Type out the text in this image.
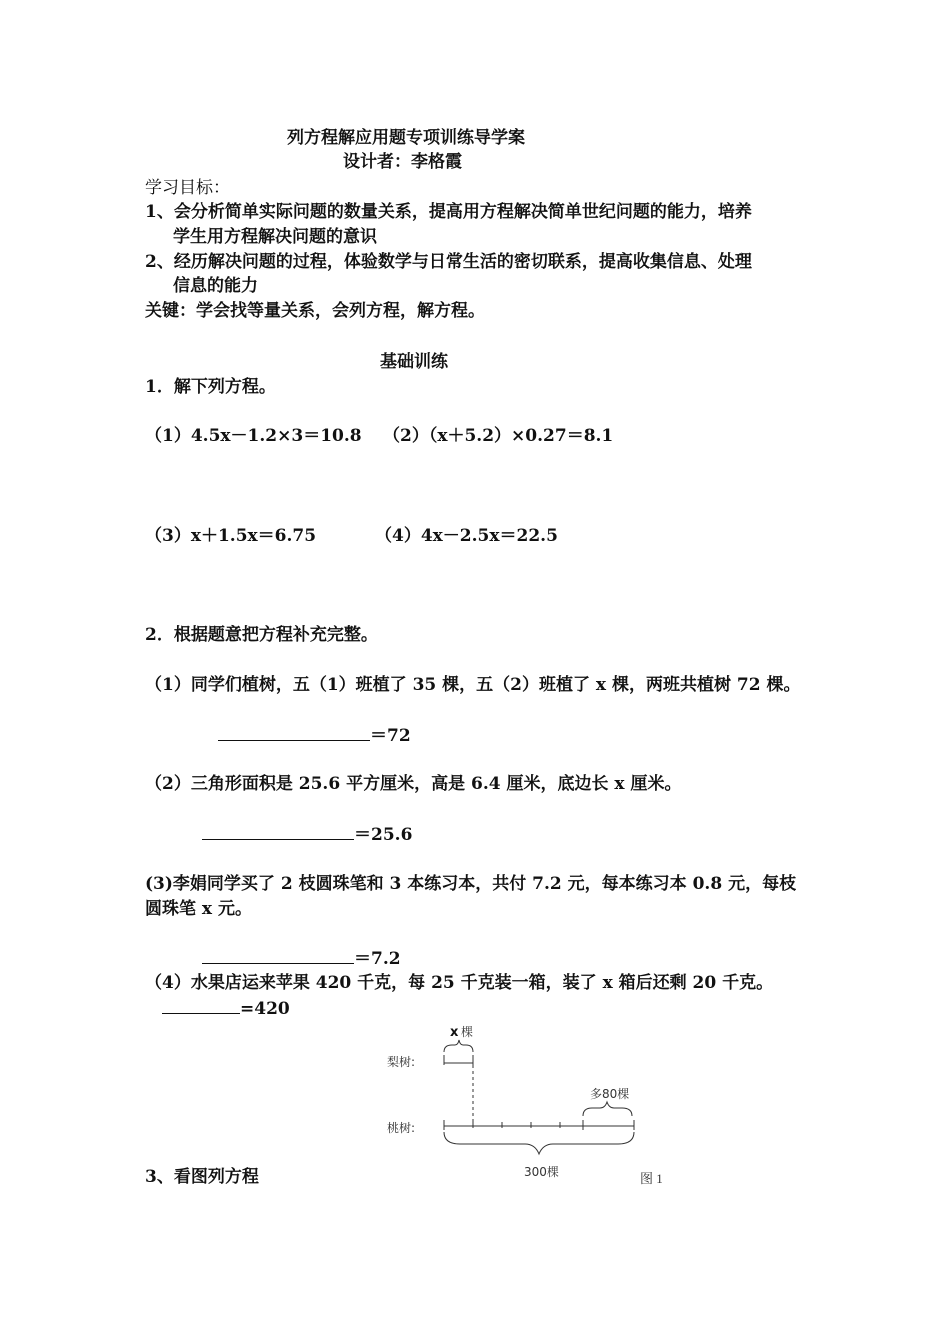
列方程解应用题专项训练导学案
设计者：李格霞
学习目标：
1、会分析简单实际问题的数量关系，提高用方程解决简单世纪问题的能力，培养
学生用方程解决问题的意识
2、经历解决问题的过程，体验数学与日常生活的密切联系，提高收集信息、处理
信息的能力
关键：学会找等量关系，会列方程，解方程。
基础训练
1．解下列方程。
（1）4.5x－1.2×3＝10.8 （2）（x＋5.2）×0.27＝8.1
（3）x＋1.5x＝6.75	（4）4x－2.5x＝22.5
2．根据题意把方程补充完整。
（1）同学们植树，五（1）班植了 35 棵，五（2）班植了 x 棵，两班共植树 72 棵。
＝72
（2）三角形面积是 25.6 平方厘米，高是 6.4 厘米，底边长 x 厘米。
＝25.6
(3)李娟同学买了 2 枝圆珠笔和 3 本练习本，共付 7.2 元，每本练习本 0.8 元，每枝
圆珠笔 x 元。
＝7.2
（4）水果店运来苹果 420 千克，每 25 千克装一箱，装了 x 箱后还剩 20 千克。
=420
x 棵
梨树:
多80棵
桃树:
300棵
3、看图列方程	图 1
